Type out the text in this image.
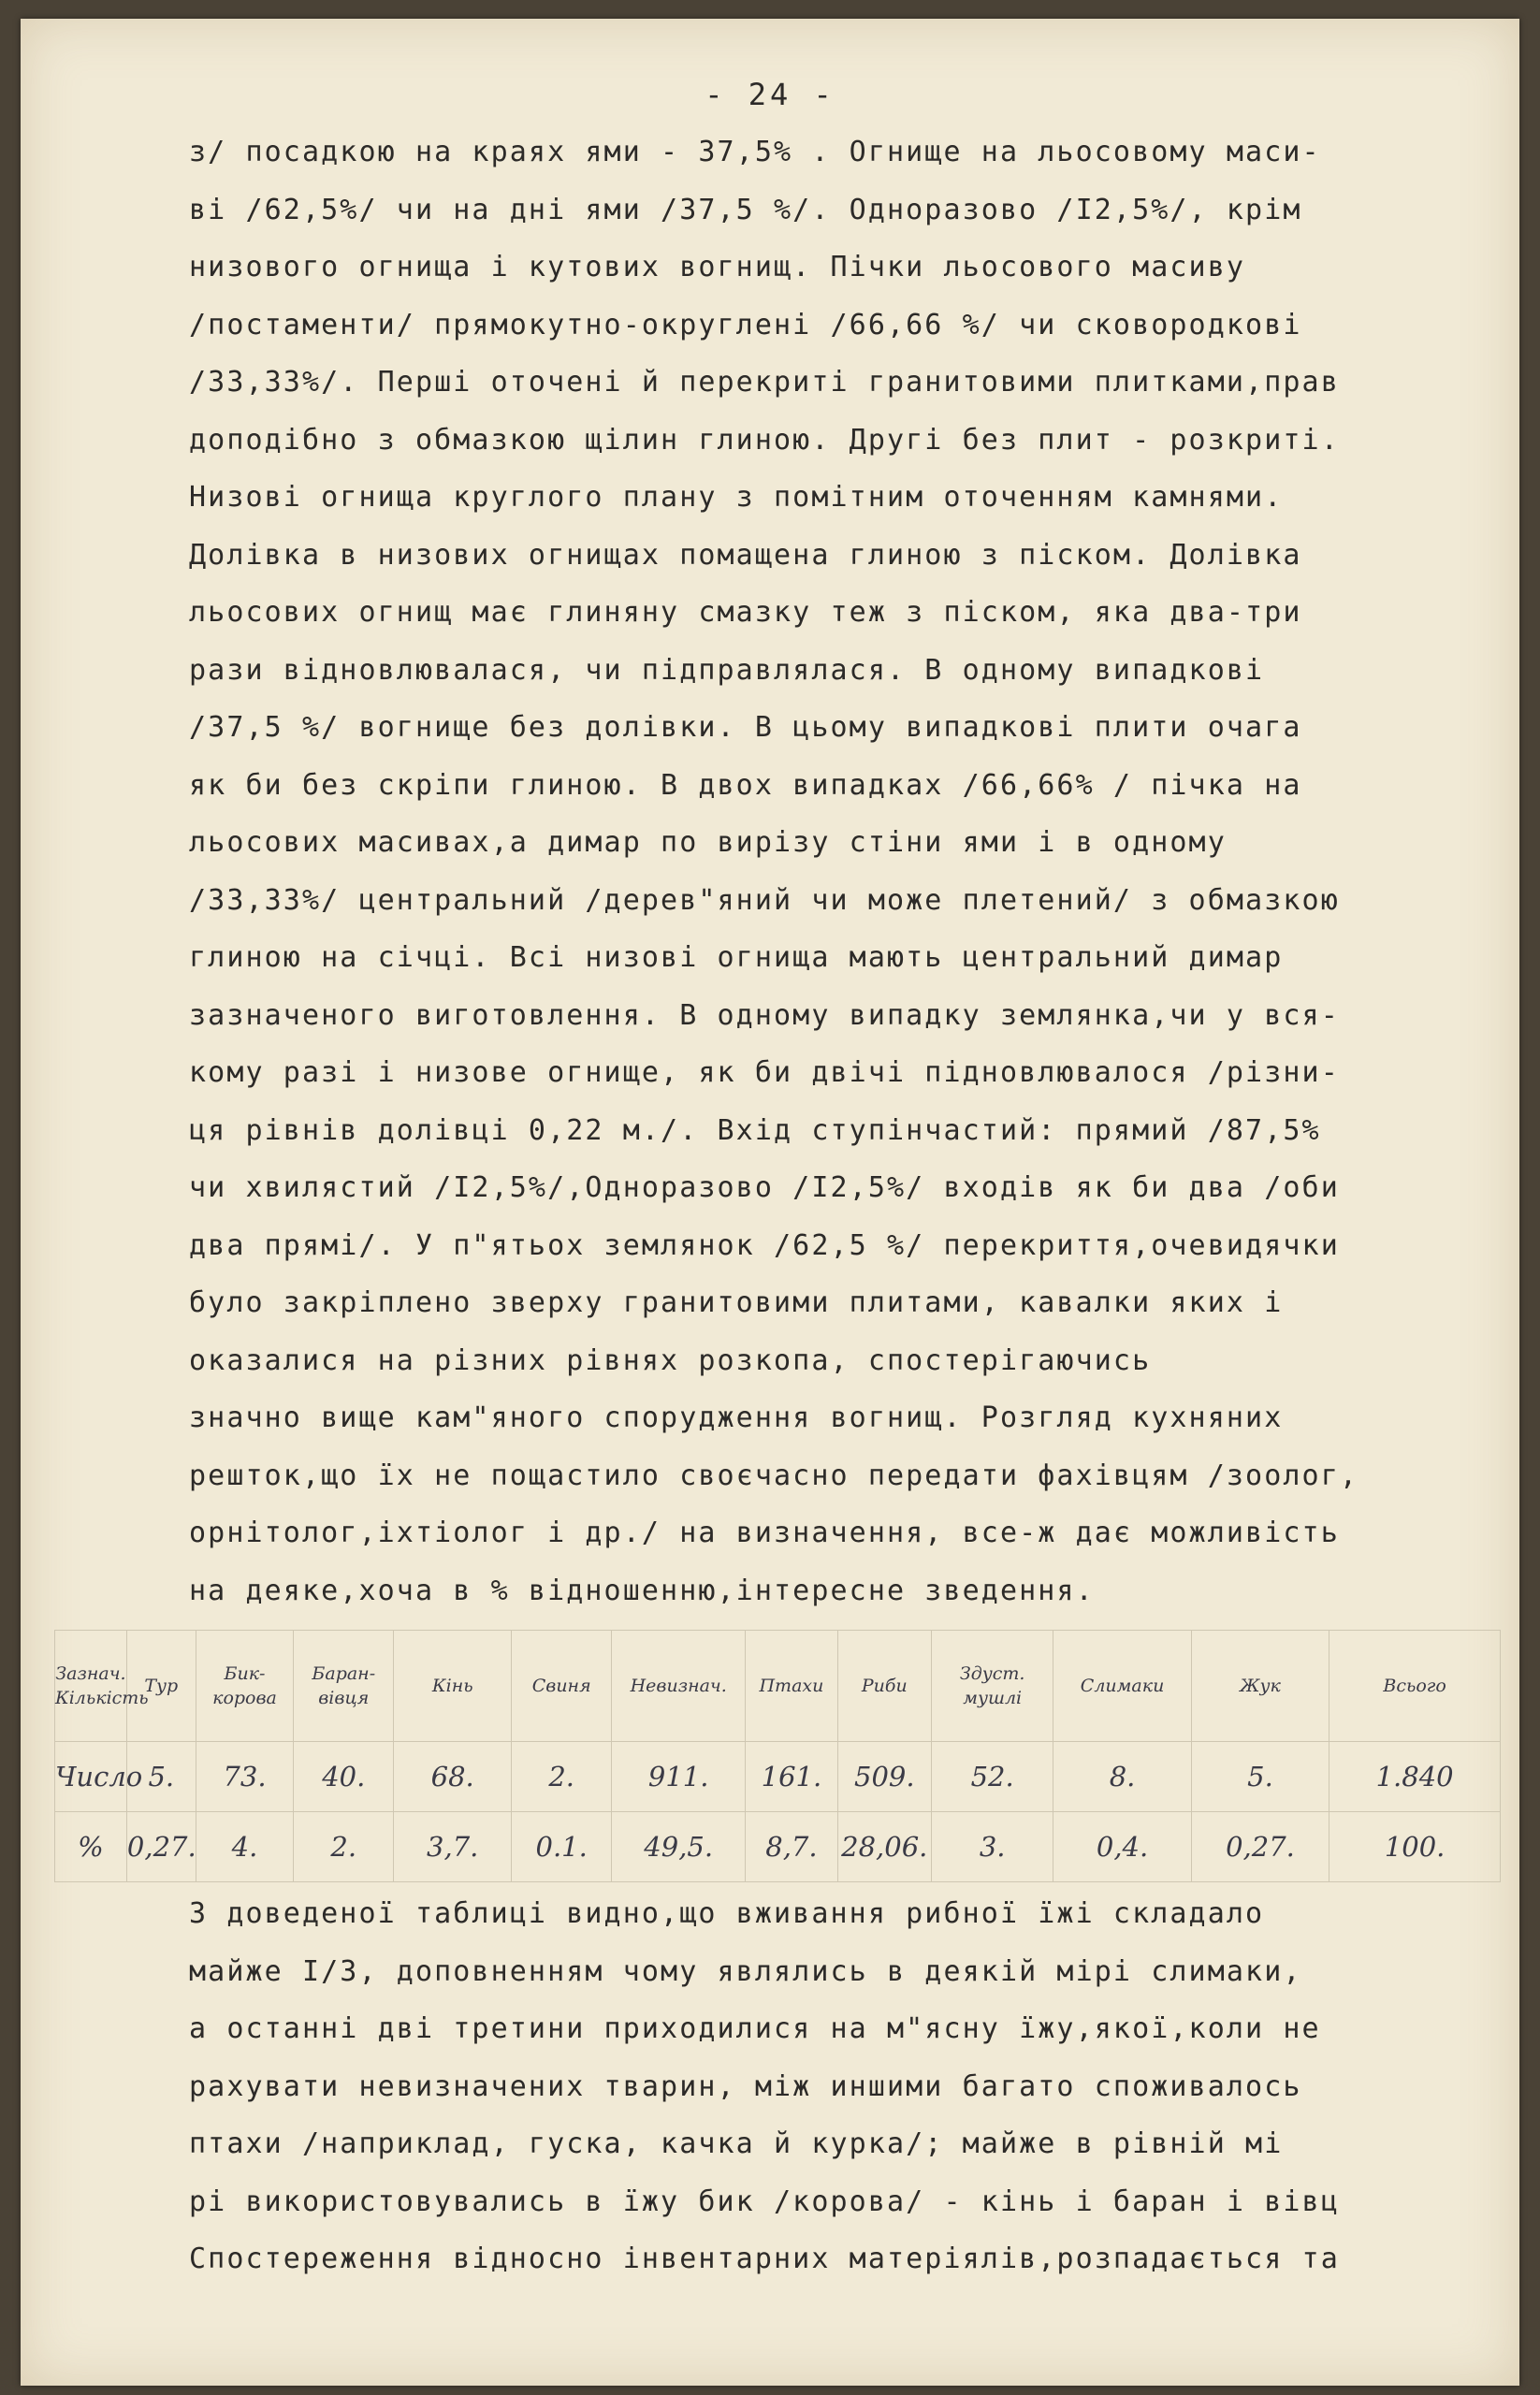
- 24 -
з/ посадкою на краях ями - 37,5% . Огнище на льосовому маси-
ві /62,5%/ чи на дні ями /37,5 %/. Одноразово /I2,5%/, крім
низового огнища і кутових вогнищ. Пічки льосового масиву
/постаменти/ прямокутно-округлені /66,66 %/ чи сковородкові
/33,33%/. Перші оточені й перекриті гранитовими плитками,прав
доподібно з обмазкою щілин глиною. Другі без плит - розкриті.
Низові огнища круглого плану з помітним оточенням камнями.
Долівка в низових огнищах помащена глиною з піском. Долівка
льосових огнищ має глиняну смазку теж з піском, яка два-три
рази відновлювалася, чи підправлялася. В одному випадкові
/37,5 %/ вогнище без долівки. В цьому випадкові плити очага
як би без скріпи глиною. В двох випадках /66,66% / пічка на
льосових масивах,а димар по вирізу стіни ями і в одному
/33,33%/ центральний /дерев"яний чи може плетений/ з обмазкою
глиною на січці. Всі низові огнища мають центральний димар
зазначеного виготовлення. В одному випадку землянка,чи у вся-
кому разі і низове огнище, як би двічі підновлювалося /різни-
ця рівнів долівці 0,22 м./. Вхід ступінчастий: прямий /87,5%
чи хвилястий /I2,5%/,Одноразово /I2,5%/ входів як би два /оби
два прямі/. У п"ятьох землянок /62,5 %/ перекриття,очевидячки
було закріплено зверху гранитовими плитами, кавалки яких і
оказалися на різних рівнях розкопа, спостерігаючись
значно вище кам"яного спорудження вогнищ. Розгляд кухняних
решток,що їх не пощастило своєчасно передати фахівцям /зоолог,
орнітолог,іхтіолог і др./ на визначення, все-ж дає можливість
на деяке,хоча в % відношенню,інтересне зведення.
Зазнач. Кількість	Тур	Бик-корова	Баран-вівця	Кінь	Свиня	Невизнач.	Птахи	Риби	Здуст. мушлі	Слимаки	Жук	Всього
Число	5.	73.	40.	68.	2.	911.	161.	509.	52.	8.	5.	1.840
%	0,27.	4.	2.	3,7.	0.1.	49,5.	8,7.	28,06.	3.	0,4.	0,27.	100.
З доведеної таблиці видно,що вживання рибної їжі складало
майже I/3, доповненням чому являлись в деякій мірі слимаки,
а останні дві третини приходилися на м"ясну їжу,якої,коли не
рахувати невизначених тварин, між иншими багато споживалось
птахи /наприклад, гуска, качка й курка/; майже в рівній мі
рі використовувались в їжу бик /корова/ - кінь і баран і вівц
Спостереження відносно інвентарних матеріялів,розпадається та
